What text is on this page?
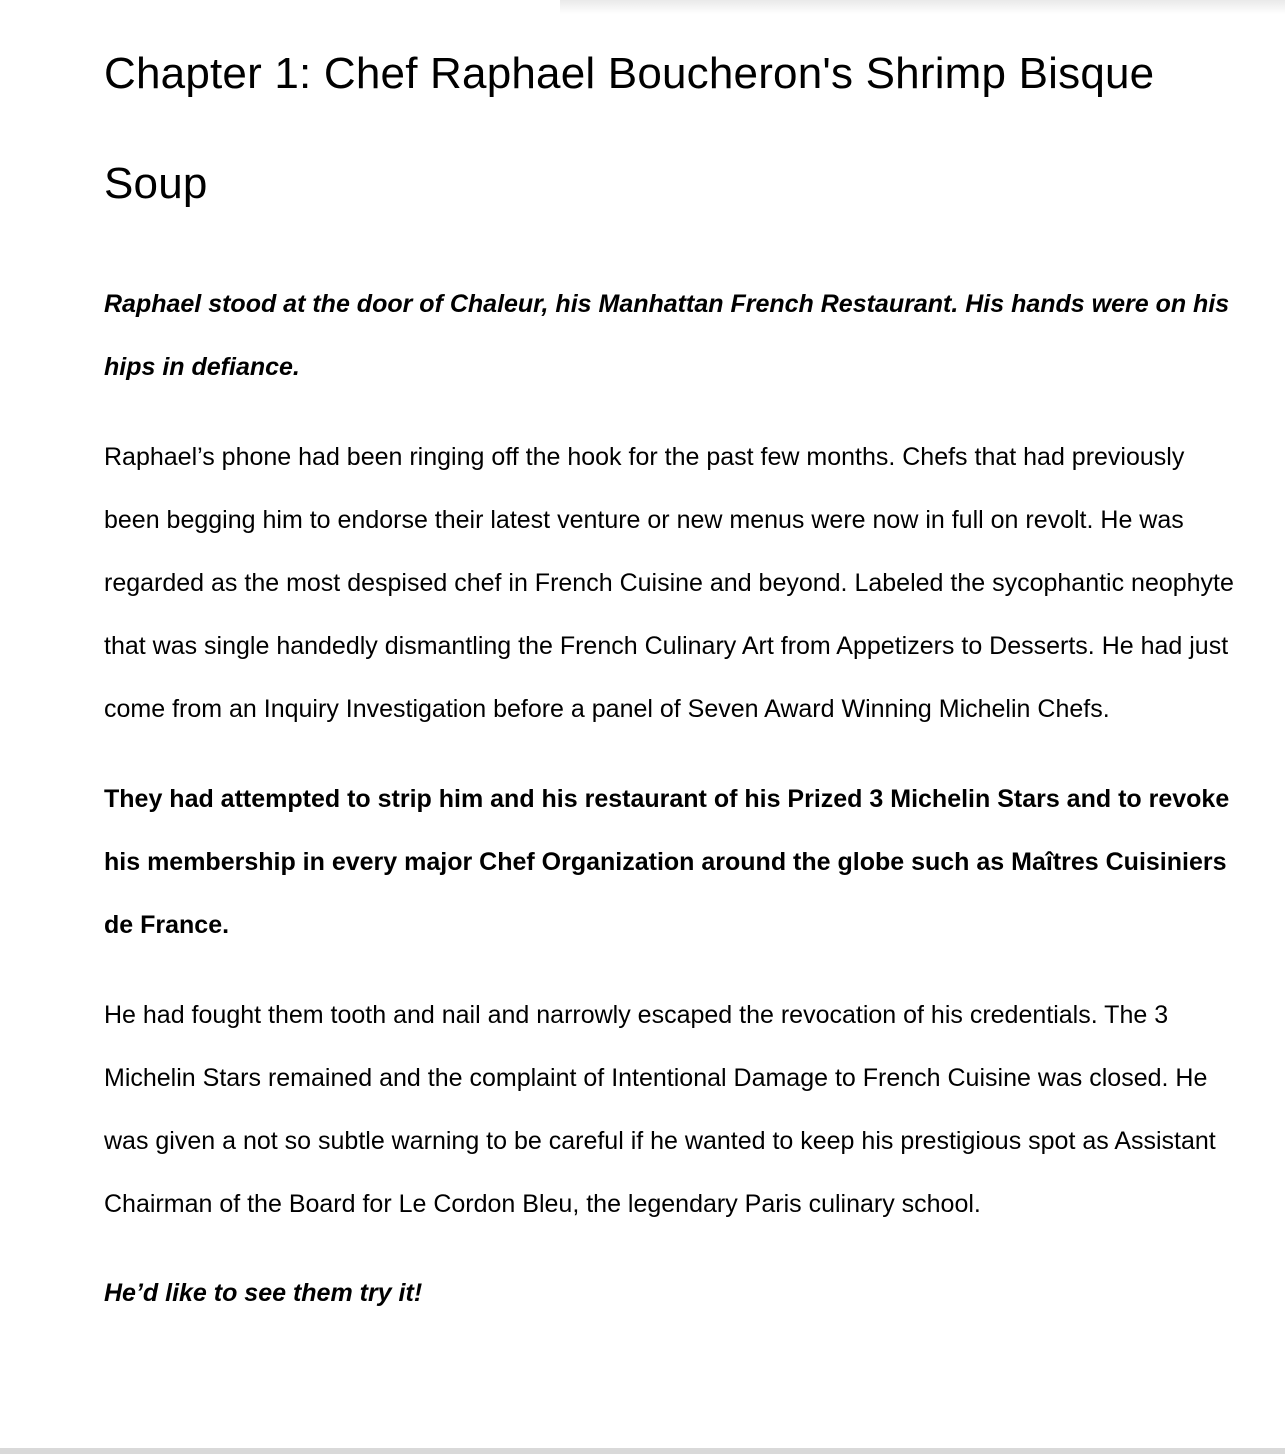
Chapter 1: Chef Raphael Boucheron's Shrimp Bisque Soup

Raphael stood at the door of Chaleur, his Manhattan French Restaurant. His hands were on his hips in defiance.

Raphael’s phone had been ringing off the hook for the past few months. Chefs that had previously been begging him to endorse their latest venture or new menus were now in full on revolt. He was regarded as the most despised chef in French Cuisine and beyond. Labeled the sycophantic neophyte that was single handedly dismantling the French Culinary Art from Appetizers to Desserts. He had just come from an Inquiry Investigation before a panel of Seven Award Winning Michelin Chefs.

They had attempted to strip him and his restaurant of his Prized 3 Michelin Stars and to revoke his membership in every major Chef Organization around the globe such as Maîtres Cuisiniers de France.

He had fought them tooth and nail and narrowly escaped the revocation of his credentials. The 3 Michelin Stars remained and the complaint of Intentional Damage to French Cuisine was closed. He was given a not so subtle warning to be careful if he wanted to keep his prestigious spot as Assistant Chairman of the Board for Le Cordon Bleu, the legendary Paris culinary school.

He’d like to see them try it!
